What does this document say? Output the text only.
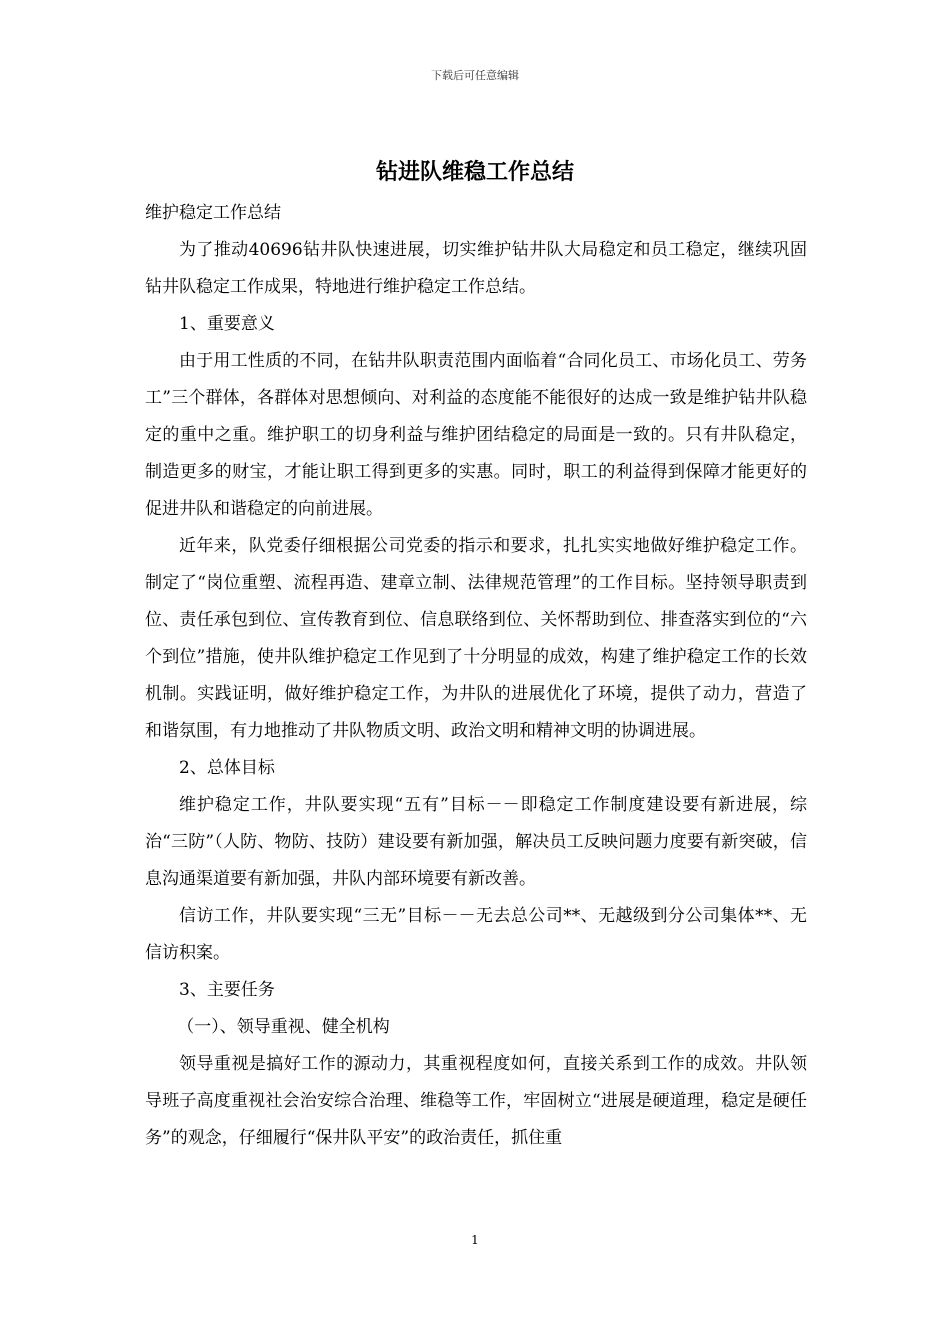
下载后可任意编辑
钻进队维稳工作总结

维护稳定工作总结

为了推动40696钻井队快速进展，切实维护钻井队大局稳定和员工稳定，继续巩固钻井队稳定工作成果，特地进行维护稳定工作总结。

1、重要意义

由于用工性质的不同，在钻井队职责范围内面临着“合同化员工、市场化员工、劳务工”三个群体，各群体对思想倾向、对利益的态度能不能很好的达成一致是维护钻井队稳定的重中之重。维护职工的切身利益与维护团结稳定的局面是一致的。只有井队稳定，制造更多的财宝，才能让职工得到更多的实惠。同时，职工的利益得到保障才能更好的促进井队和谐稳定的向前进展。

近年来，队党委仔细根据公司党委的指示和要求，扎扎实实地做好维护稳定工作。制定了“岗位重塑、流程再造、建章立制、法律规范管理”的工作目标。坚持领导职责到位、责任承包到位、宣传教育到位、信息联络到位、关怀帮助到位、排查落实到位的“六个到位”措施，使井队维护稳定工作见到了十分明显的成效，构建了维护稳定工作的长效机制。实践证明，做好维护稳定工作，为井队的进展优化了环境，提供了动力，营造了和谐氛围，有力地推动了井队物质文明、政治文明和精神文明的协调进展。

2、总体目标

维护稳定工作，井队要实现“五有”目标－－即稳定工作制度建设要有新进展，综治“三防”（人防、物防、技防）建设要有新加强，解决员工反映问题力度要有新突破，信息沟通渠道要有新加强，井队内部环境要有新改善。

信访工作，井队要实现“三无”目标－－无去总公司**、无越级到分公司集体**、无信访积案。

3、主要任务

（一）、领导重视、健全机构

领导重视是搞好工作的源动力，其重视程度如何，直接关系到工作的成效。井队领导班子高度重视社会治安综合治理、维稳等工作，牢固树立“进展是硬道理，稳定是硬任务”的观念，仔细履行“保井队平安”的政治责任，抓住重

1
